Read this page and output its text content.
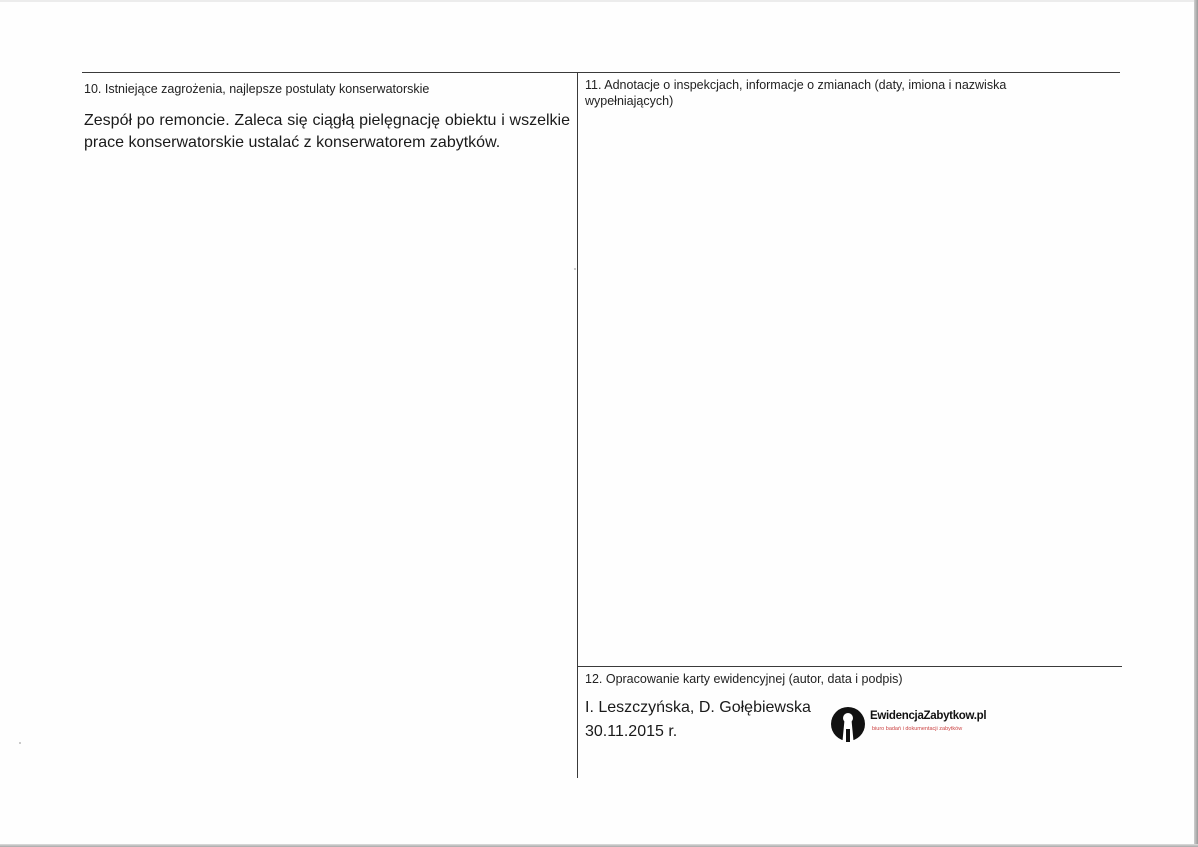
10. Istniejące zagrożenia, najlepsze postulaty konserwatorskie
Zespół po remoncie. Zaleca się ciągłą pielęgnację obiektu i wszelkie prace konserwatorskie ustalać z konserwatorem zabytków.
11. Adnotacje o inspekcjach, informacje o zmianach (daty, imiona i nazwiska wypełniających)
12. Opracowanie karty ewidencyjnej (autor, data i podpis)
I. Leszczyńska, D. Gołębiewska
30.11.2015 r.
EwidencjaZabytkow.pl
biuro badań i dokumentacji zabytków
